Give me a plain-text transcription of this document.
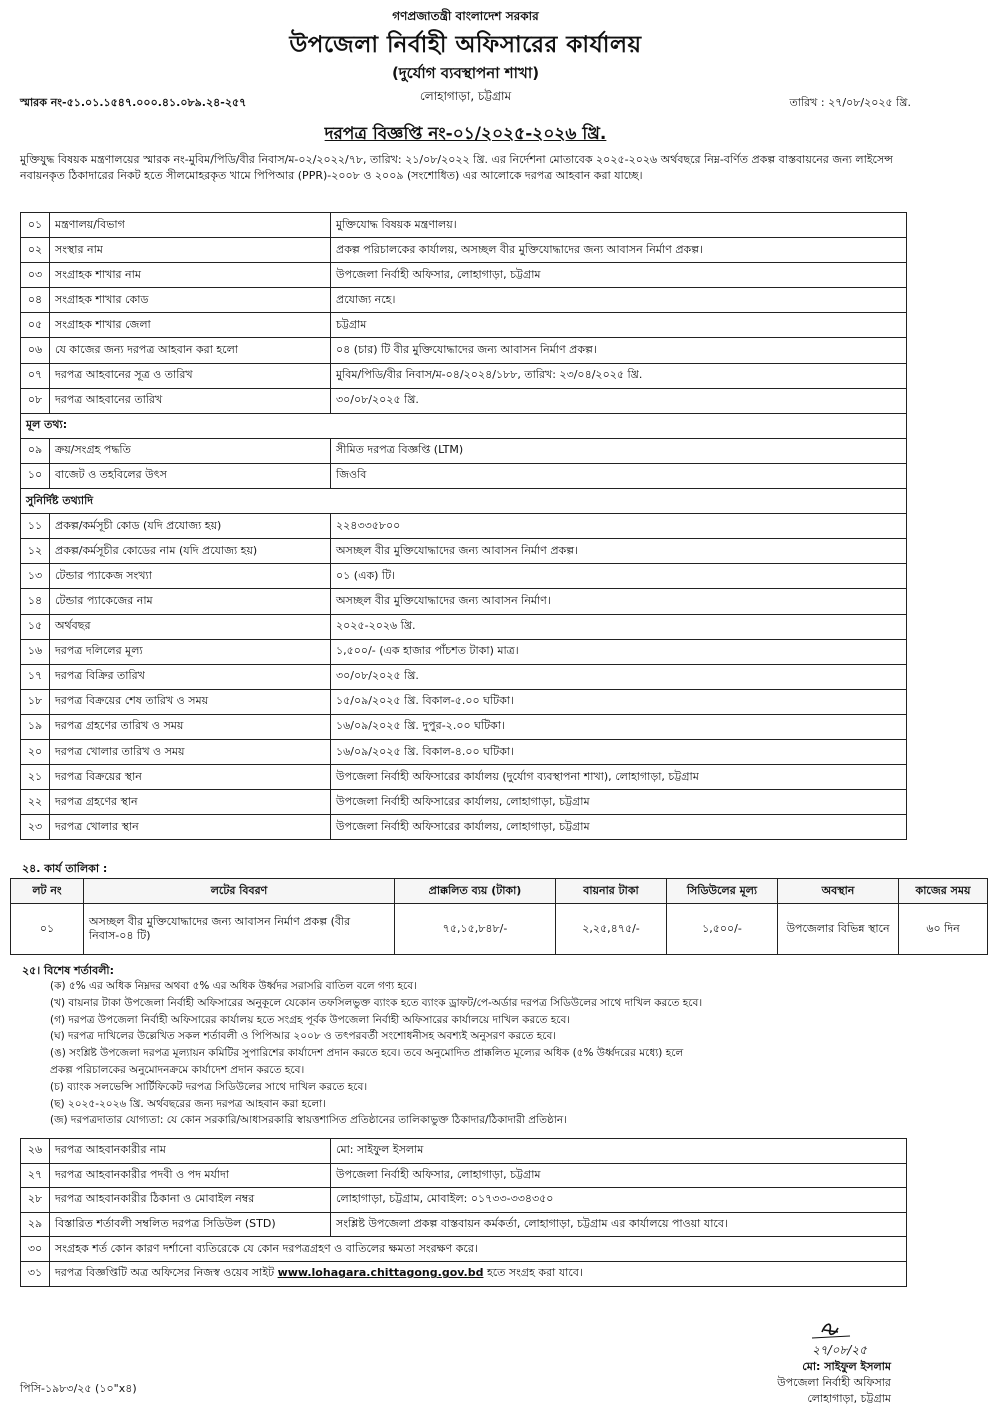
গণপ্রজাতন্ত্রী বাংলাদেশ সরকার
উপজেলা নির্বাহী অফিসারের কার্যালয়
(দুর্যোগ ব্যবস্থাপনা শাখা)
লোহাগাড়া, চট্টগ্রাম
স্মারক নং-৫১.০১.১৫৪৭.০০০.৪১.০৮৯.২৪-২৫৭	তারিখ : ২৭/০৮/২০২৫ খ্রি.
দরপত্র বিজ্ঞপ্তি নং-০১/২০২৫-২০২৬ খ্রি.
মুক্তিযুদ্ধ বিষয়ক মন্ত্রণালয়ের স্মারক নং-মুবিম/পিডি/বীর নিবাস/ম-০২/২০২২/৭৮, তারিখ: ২১/০৮/২০২২ খ্রি. এর নির্দেশনা মোতাবেক ২০২৫-২০২৬ অর্থবছরে নিম্ন-বর্ণিত প্রকল্প বাস্তবায়নের জন্য লাইসেন্স নবায়নকৃত ঠিকাদারের নিকট হতে সীলমোহরকৃত খামে পিপিআর (PPR)-২০০৮ ও ২০০৯ (সংশোধিত) এর আলোকে দরপত্র আহবান করা যাচ্ছে।
০১	মন্ত্রণালয়/বিভাগ	মুক্তিযোদ্ধ বিষয়ক মন্ত্রণালয়।
০২	সংস্থার নাম	প্রকল্প পরিচালকের কার্যালয়, অসচ্ছল বীর মুক্তিযোদ্ধাদের জন্য আবাসন নির্মাণ প্রকল্প।
০৩	সংগ্রাহক শাখার নাম	উপজেলা নির্বাহী অফিসার, লোহাগাড়া, চট্টগ্রাম
০৪	সংগ্রাহক শাখার কোড	প্রযোজ্য নহে।
০৫	সংগ্রাহক শাখার জেলা	চট্টগ্রাম
০৬	যে কাজের জন্য দরপত্র আহবান করা হলো	০৪ (চার) টি বীর মুক্তিযোদ্ধাদের জন্য আবাসন নির্মাণ প্রকল্প।
০৭	দরপত্র আহবানের সূত্র ও তারিখ	মুবিম/পিডি/বীর নিবাস/ম-০৪/২০২৪/১৮৮, তারিখ: ২৩/০৪/২০২৫ খ্রি.
০৮	দরপত্র আহবানের তারিখ	৩০/০৮/২০২৫ খ্রি.
মূল তথ্য:		
০৯	ক্রয়/সংগ্রহ পদ্ধতি	সীমিত দরপত্র বিজ্ঞপ্তি (LTM)
১০	বাজেট ও তহবিলের উৎস	জিওবি
সুনির্দিষ্ট তথ্যাদি		
১১	প্রকল্প/কর্মসূচী কোড (যদি প্রযোজ্য হয়)	২২৪৩৩৫৮০০
১২	প্রকল্প/কর্মসূচীর কোডের নাম (যদি প্রযোজ্য হয়)	অসচ্ছল বীর মুক্তিযোদ্ধাদের জন্য আবাসন নির্মাণ প্রকল্প।
১৩	টেন্ডার প্যাকেজ সংখ্যা	০১ (এক) টি।
১৪	টেন্ডার প্যাকেজের নাম	অসচ্ছল বীর মুক্তিযোদ্ধাদের জন্য আবাসন নির্মাণ।
১৫	অর্থবছর	২০২৫-২০২৬ খ্রি.
১৬	দরপত্র দলিলের মূল্য	১,৫০০/- (এক হাজার পাঁচশত টাকা) মাত্র।
১৭	দরপত্র বিক্রির তারিখ	৩০/০৮/২০২৫ খ্রি.
১৮	দরপত্র বিক্রয়ের শেষ তারিখ ও সময়	১৫/০৯/২০২৫ খ্রি. বিকাল-৫.০০ ঘটিকা।
১৯	দরপত্র গ্রহণের তারিখ ও সময়	১৬/০৯/২০২৫ খ্রি. দুপুর-২.০০ ঘটিকা।
২০	দরপত্র খোলার তারিখ ও সময়	১৬/০৯/২০২৫ খ্রি. বিকাল-৪.০০ ঘটিকা।
২১	দরপত্র বিক্রয়ের স্থান	উপজেলা নির্বাহী অফিসারের কার্যালয় (দুর্যোগ ব্যবস্থাপনা শাখা), লোহাগাড়া, চট্টগ্রাম
২২	দরপত্র গ্রহণের স্থান	উপজেলা নির্বাহী অফিসারের কার্যালয়, লোহাগাড়া, চট্টগ্রাম
২৩	দরপত্র খোলার স্থান	উপজেলা নির্বাহী অফিসারের কার্যালয়, লোহাগাড়া, চট্টগ্রাম
২৪. কার্য তালিকা :
লট নং	লটের বিবরণ	প্রাক্কলিত ব্যয় (টাকা)	বায়নার টাকা	সিডিউলের মূল্য	অবস্থান	কাজের সময়
০১	অসচ্ছল বীর মুক্তিযোদ্ধাদের জন্য আবাসন নির্মাণ প্রকল্প (বীর নিবাস-০৪ টি)	৭৫,১৫,৮৪৮/-	২,২৫,৪৭৫/-	১,৫০০/-	উপজেলার বিভিন্ন স্থানে	৬০ দিন
২৫। বিশেষ শর্তাবলী:
(ক) ৫% এর অধিক নিম্নদর অথবা ৫% এর অধিক উর্ধ্বদর সরাসরি বাতিল বলে গণ্য হবে।
(খ) বায়নার টাকা উপজেলা নির্বাহী অফিসারের অনুকূলে যেকোন তফসিলভুক্ত ব্যাংক হতে ব্যাংক ড্রাফট/পে-অর্ডার দরপত্র সিডিউলের সাথে দাখিল করতে হবে।
(গ) দরপত্র উপজেলা নির্বাহী অফিসারের কার্যালয় হতে সংগ্রহ পূর্বক উপজেলা নির্বাহী অফিসারের কার্যালয়ে দাখিল করতে হবে।
(ঘ) দরপত্র দাখিলের উল্লেখিত সকল শর্তাবলী ও পিপিআর ২০০৮ ও তৎপরবর্তী সংশোধনীসহ অবশ্যই অনুসরণ করতে হবে।
(ঙ) সংশ্লিষ্ট উপজেলা দরপত্র মূল্যায়ন কমিটির সুপারিশের কার্যাদেশ প্রদান করতে হবে। তবে অনুমোদিত প্রাক্কলিত মূল্যের অধিক (৫% উর্ধ্বদরের মধ্যে) হলে
প্রকল্প পরিচালকের অনুমোদনক্রমে কার্যাদেশ প্রদান করতে হবে।
(চ) ব্যাংক সলভেন্সি সার্টিফিকেট দরপত্র সিডিউলের সাথে দাখিল করতে হবে।
(ছ) ২০২৫-২০২৬ খ্রি. অর্থবছরের জন্য দরপত্র আহবান করা হলো।
(জ) দরপত্রদাতার যোগ্যতা: যে কোন সরকারি/আধাসরকারি স্বায়ত্তশাসিত প্রতিষ্ঠানের তালিকাভুক্ত ঠিকাদার/ঠিকাদারী প্রতিষ্ঠান।
২৬	দরপত্র আহবানকারীর নাম	মো: সাইফুল ইসলাম
২৭	দরপত্র আহবানকারীর পদবী ও পদ মর্যাদা	উপজেলা নির্বাহী অফিসার, লোহাগাড়া, চট্টগ্রাম
২৮	দরপত্র আহবানকারীর ঠিকানা ও মোবাইল নম্বর	লোহাগাড়া, চট্টগ্রাম, মোবাইল: ০১৭৩৩-৩৩৪৩৫০
২৯	বিস্তারিত শর্তাবলী সম্বলিত দরপত্র সিডিউল (STD)	সংশ্লিষ্ট উপজেলা প্রকল্প বাস্তবায়ন কর্মকর্তা, লোহাগাড়া, চট্টগ্রাম এর কার্যালয়ে পাওয়া যাবে।
৩০	সংগ্রহক শর্ত কোন কারণ দর্শানো ব্যতিরেকে যে কোন দরপত্রগ্রহণ ও বাতিলের ক্ষমতা সংরক্ষণ করে।	
৩১	দরপত্র বিজ্ঞপ্তিটি অত্র অফিসের নিজস্ব ওয়েব সাইট www.lohagara.chittagong.gov.bd হতে সংগ্রহ করা যাবে।	
২৭/০৮/২৫
মো: সাইফুল ইসলাম
উপজেলা নির্বাহী অফিসার
লোহাগাড়া, চট্টগ্রাম
পিসি-১৯৮৩/২৫ (১০"x৪)
